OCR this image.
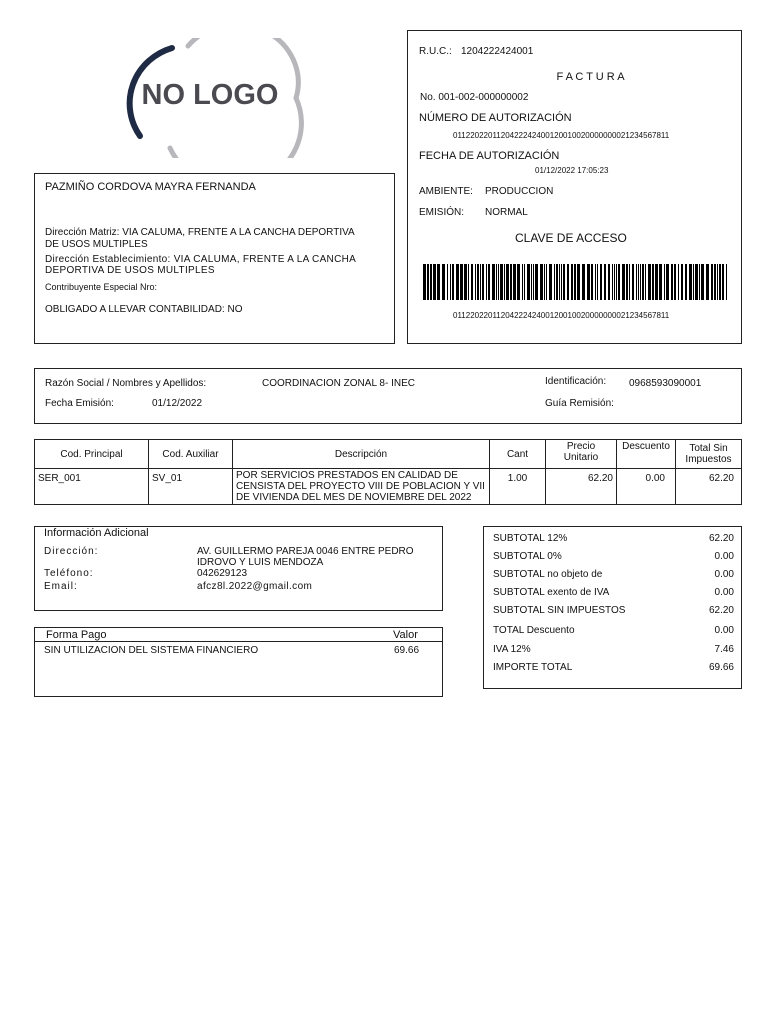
NO LOGO
PAZMIÑO CORDOVA MAYRA FERNANDA
Dirección Matriz: VIA CALUMA, FRENTE A LA CANCHA DEPORTIVA
DE USOS MULTIPLES
Dirección Establecimiento: VIA CALUMA, FRENTE A LA CANCHA
DEPORTIVA DE USOS MULTIPLES
Contribuyente Especial Nro:
OBLIGADO A LLEVAR CONTABILIDAD: NO
R.U.C.: 1204222424001
F A C T U R A
No. 001-002-000000002
NÚMERO DE AUTORIZACIÓN
0112202201120422242400120010020000000021234567811
FECHA DE AUTORIZACIÓN
01/12/2022 17:05:23
AMBIENTE: PRODUCCION
EMISIÓN: NORMAL
CLAVE DE ACCESO
0112202201120422242400120010020000000021234567811
Razón Social / Nombres y Apellidos:	COORDINACION ZONAL 8- INEC	Identificación: 0968593090001
Fecha Emisión:	01/12/2022	Guía Remisión:
Cod. Principal	Cod. Auxiliar	Descripción	Cant	Precio Unitario	Descuento	Total Sin Impuestos
SER_001	SV_01	POR SERVICIOS PRESTADOS EN CALIDAD DE CENSISTA DEL PROYECTO VIII DE POBLACION Y VII DE VIVIENDA DEL MES DE NOVIEMBRE DEL 2022	1.00	62.20	0.00	62.20
Información Adicional
Dirección:	AV. GUILLERMO PAREJA 0046 ENTRE PEDRO IDROVO Y LUIS MENDOZA
Teléfono:	042629123
Email:	afcz8l.2022@gmail.com
Forma Pago	Valor
SIN UTILIZACION DEL SISTEMA FINANCIERO	69.66
SUBTOTAL 12%	62.20
SUBTOTAL 0%	0.00
SUBTOTAL no objeto de	0.00
SUBTOTAL exento de IVA	0.00
SUBTOTAL SIN IMPUESTOS	62.20
TOTAL Descuento	0.00
IVA 12%	7.46
IMPORTE TOTAL	69.66
